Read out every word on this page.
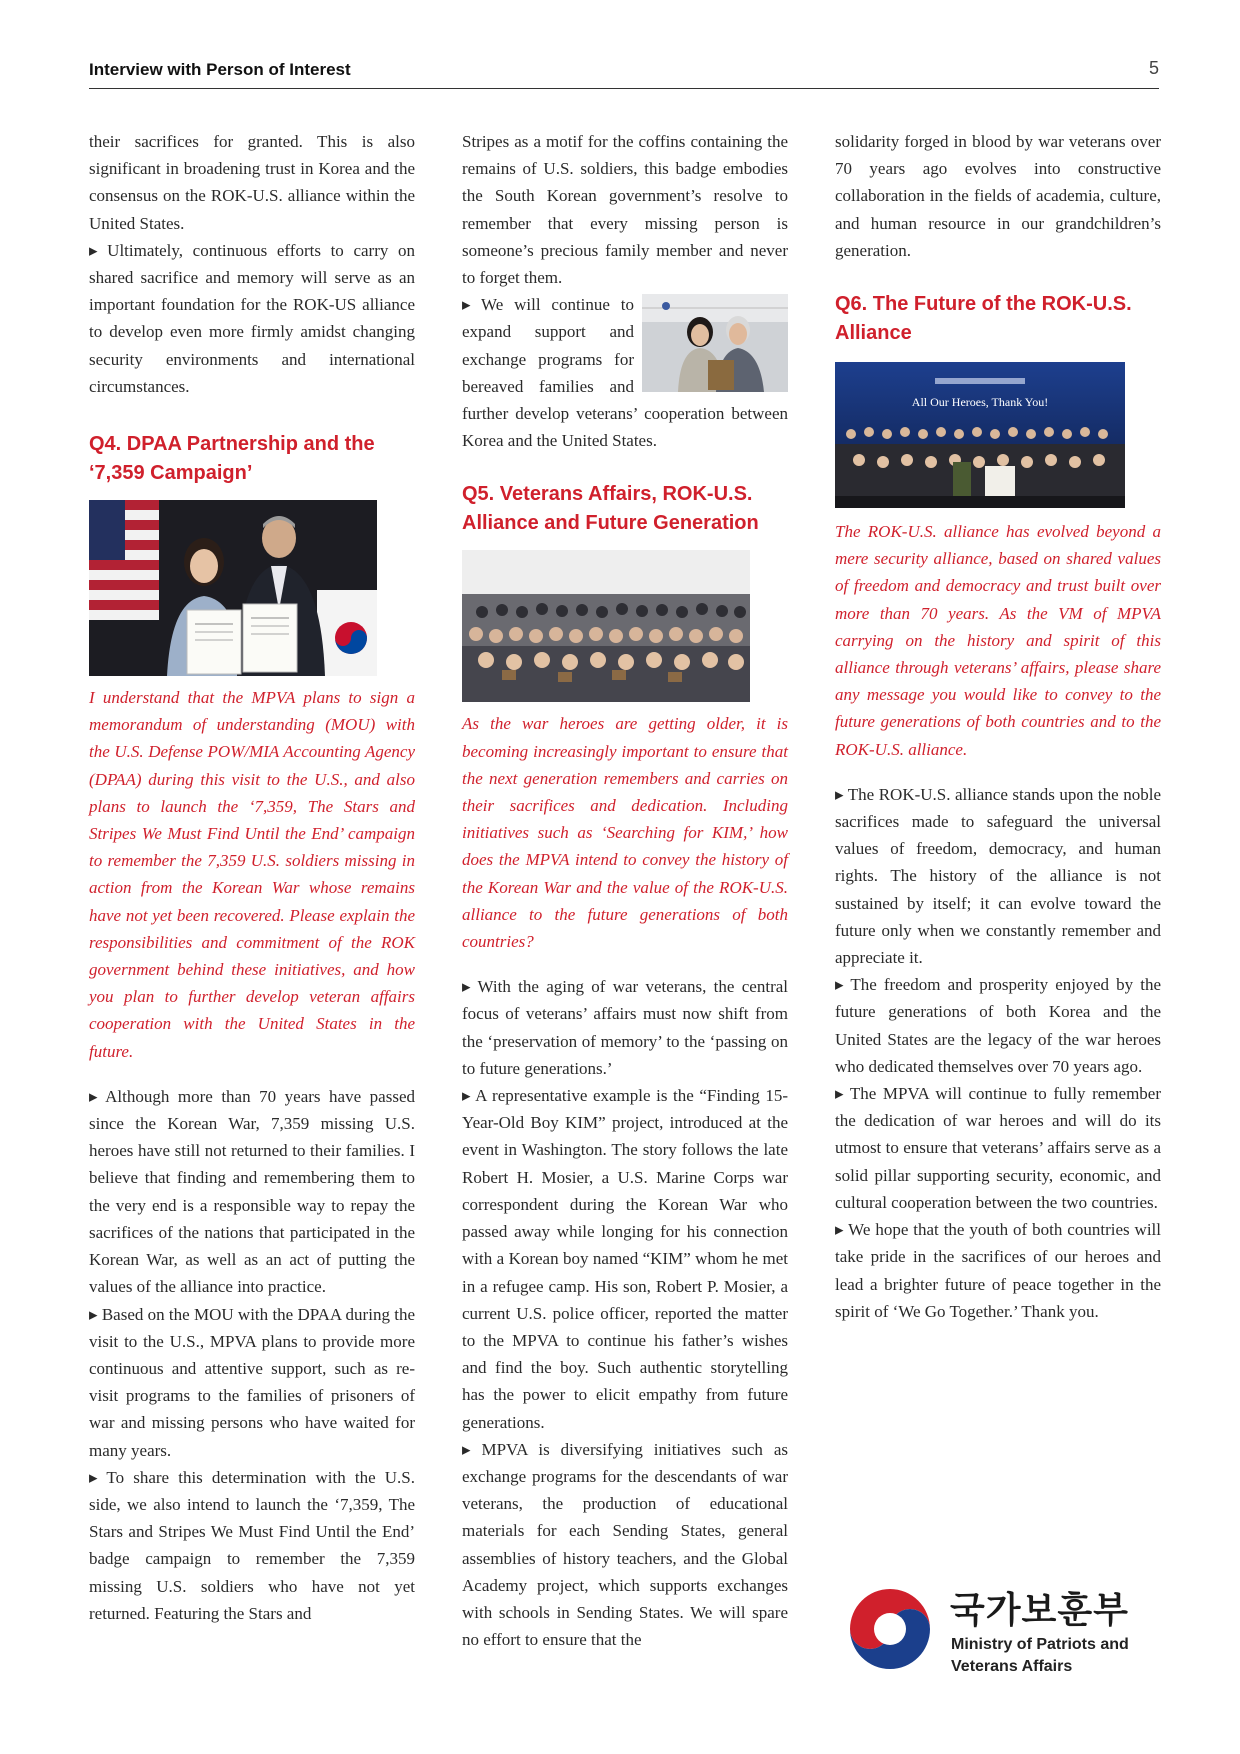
Interview with Person of Interest	5

their sacrifices for granted. This is also significant in broadening trust in Korea and the consensus on the ROK-U.S. alliance within the United States.

▸ Ultimately, continuous efforts to carry on shared sacrifice and memory will serve as an important foundation for the ROK-US alliance to develop even more firmly amidst changing security environments and international circumstances.

Q4. DPAA Partnership and the ‘7,359 Campaign’

I understand that the MPVA plans to sign a memorandum of understanding (MOU) with the U.S. Defense POW/MIA Accounting Agency (DPAA) during this visit to the U.S., and also plans to launch the ‘7,359, The Stars and Stripes We Must Find Until the End’ campaign to remember the 7,359 U.S. soldiers missing in action from the Korean War whose remains have not yet been recovered. Please explain the responsibilities and commitment of the ROK government behind these initiatives, and how you plan to further develop veteran affairs cooperation with the United States in the future.

▸ Although more than 70 years have passed since the Korean War, 7,359 missing U.S. heroes have still not returned to their families. I believe that finding and remembering them to the very end is a responsible way to repay the sacrifices of the nations that participated in the Korean War, as well as an act of putting the values of the alliance into practice.

▸ Based on the MOU with the DPAA during the visit to the U.S., MPVA plans to provide more continuous and attentive support, such as re-visit programs to the families of prisoners of war and missing persons who have waited for many years.

▸ To share this determination with the U.S. side, we also intend to launch the ‘7,359, The Stars and Stripes We Must Find Until the End’ badge campaign to remember the 7,359 missing U.S. soldiers who have not yet returned. Featuring the Stars and

Stripes as a motif for the coffins containing the remains of U.S. soldiers, this badge embodies the South Korean government’s resolve to remember that every missing person is someone’s precious family member and never to forget them.

▸ We will continue to expand support and exchange programs for bereaved families and further develop veterans’ cooperation between Korea and the United States.

Q5. Veterans Affairs, ROK-U.S. Alliance and Future Generation

As the war heroes are getting older, it is becoming increasingly important to ensure that the next generation remembers and carries on their sacrifices and dedication. Including initiatives such as ‘Searching for KIM,’ how does the MPVA intend to convey the history of the Korean War and the value of the ROK-U.S. alliance to the future generations of both countries?

▸ With the aging of war veterans, the central focus of veterans’ affairs must now shift from the ‘preservation of memory’ to the ‘passing on to future generations.’

▸ A representative example is the “Finding 15-Year-Old Boy KIM” project, introduced at the event in Washington. The story follows the late Robert H. Mosier, a U.S. Marine Corps war correspondent during the Korean War who passed away while longing for his connection with a Korean boy named “KIM” whom he met in a refugee camp. His son, Robert P. Mosier, a current U.S. police officer, reported the matter to the MPVA to continue his father’s wishes and find the boy. Such authentic storytelling has the power to elicit empathy from future generations.

▸ MPVA is diversifying initiatives such as exchange programs for the descendants of war veterans, the production of educational materials for each Sending States, general assemblies of history teachers, and the Global Academy project, which supports exchanges with schools in Sending States. We will spare no effort to ensure that the

solidarity forged in blood by war veterans over 70 years ago evolves into constructive collaboration in the fields of academia, culture, and human resource in our grandchildren’s generation.

Q6. The Future of the ROK-U.S. Alliance
All Our Heroes, Thank You!

The ROK-U.S. alliance has evolved beyond a mere security alliance, based on shared values of freedom and democracy and trust built over more than 70 years. As the VM of MPVA carrying on the history and spirit of this alliance through veterans’ affairs, please share any message you would like to convey to the future generations of both countries and to the ROK-U.S. alliance.

▸ The ROK-U.S. alliance stands upon the noble sacrifices made to safeguard the universal values of freedom, democracy, and human rights. The history of the alliance is not sustained by itself; it can evolve toward the future only when we constantly remember and appreciate it.

▸ The freedom and prosperity enjoyed by the future generations of both Korea and the United States are the legacy of the war heroes who dedicated themselves over 70 years ago.

▸ The MPVA will continue to fully remember the dedication of war heroes and will do its utmost to ensure that veterans’ affairs serve as a solid pillar supporting security, economic, and cultural cooperation between the two countries.

▸ We hope that the youth of both countries will take pride in the sacrifices of our heroes and lead a brighter future of peace together in the spirit of ‘We Go Together.’ Thank you.

국가보훈부
Ministry of Patriots and
Veterans Affairs
